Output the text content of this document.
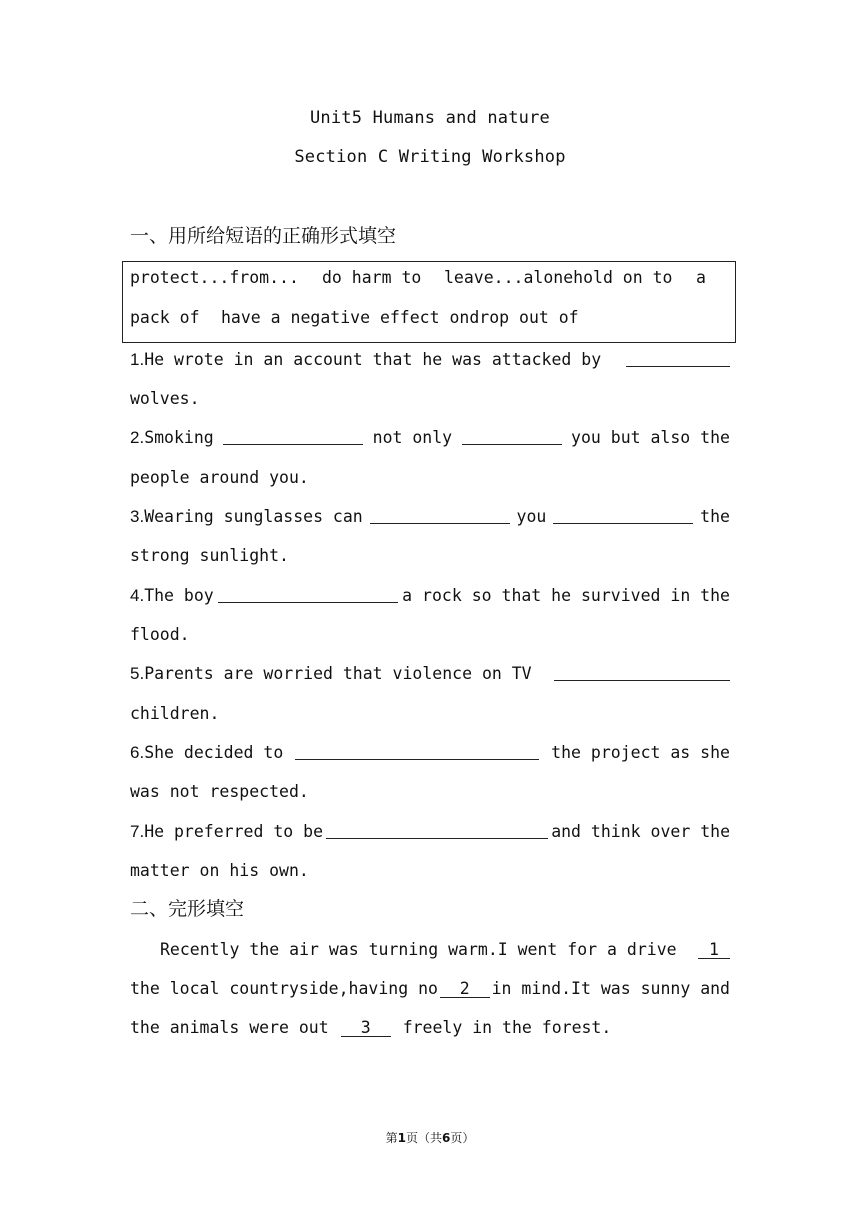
Unit5 Humans and nature
Section C Writing Workshop
一、用所给短语的正确形式填空
protect...from... do harm to leave...alonehold on to a
pack of have a negative effect ondrop out of
1.He wrote in an account that he was attacked by
wolves.
2.Smoking	not only	you but also the
people around you.
3.Wearing sunglasses can	you	the
strong sunlight.
4.The boy	a rock so that he survived in the
flood.
5.Parents are worried that violence on TV
children.
6.She decided to	the project as she
was not respected.
7.He preferred to be	and think over the
matter on his own.
二、完形填空
Recently the air was turning warm.I went for a drive	1
the local countryside,having no	2	in mind.It was sunny and
the animals were out	3	freely in the forest.
第1页（共6页）
